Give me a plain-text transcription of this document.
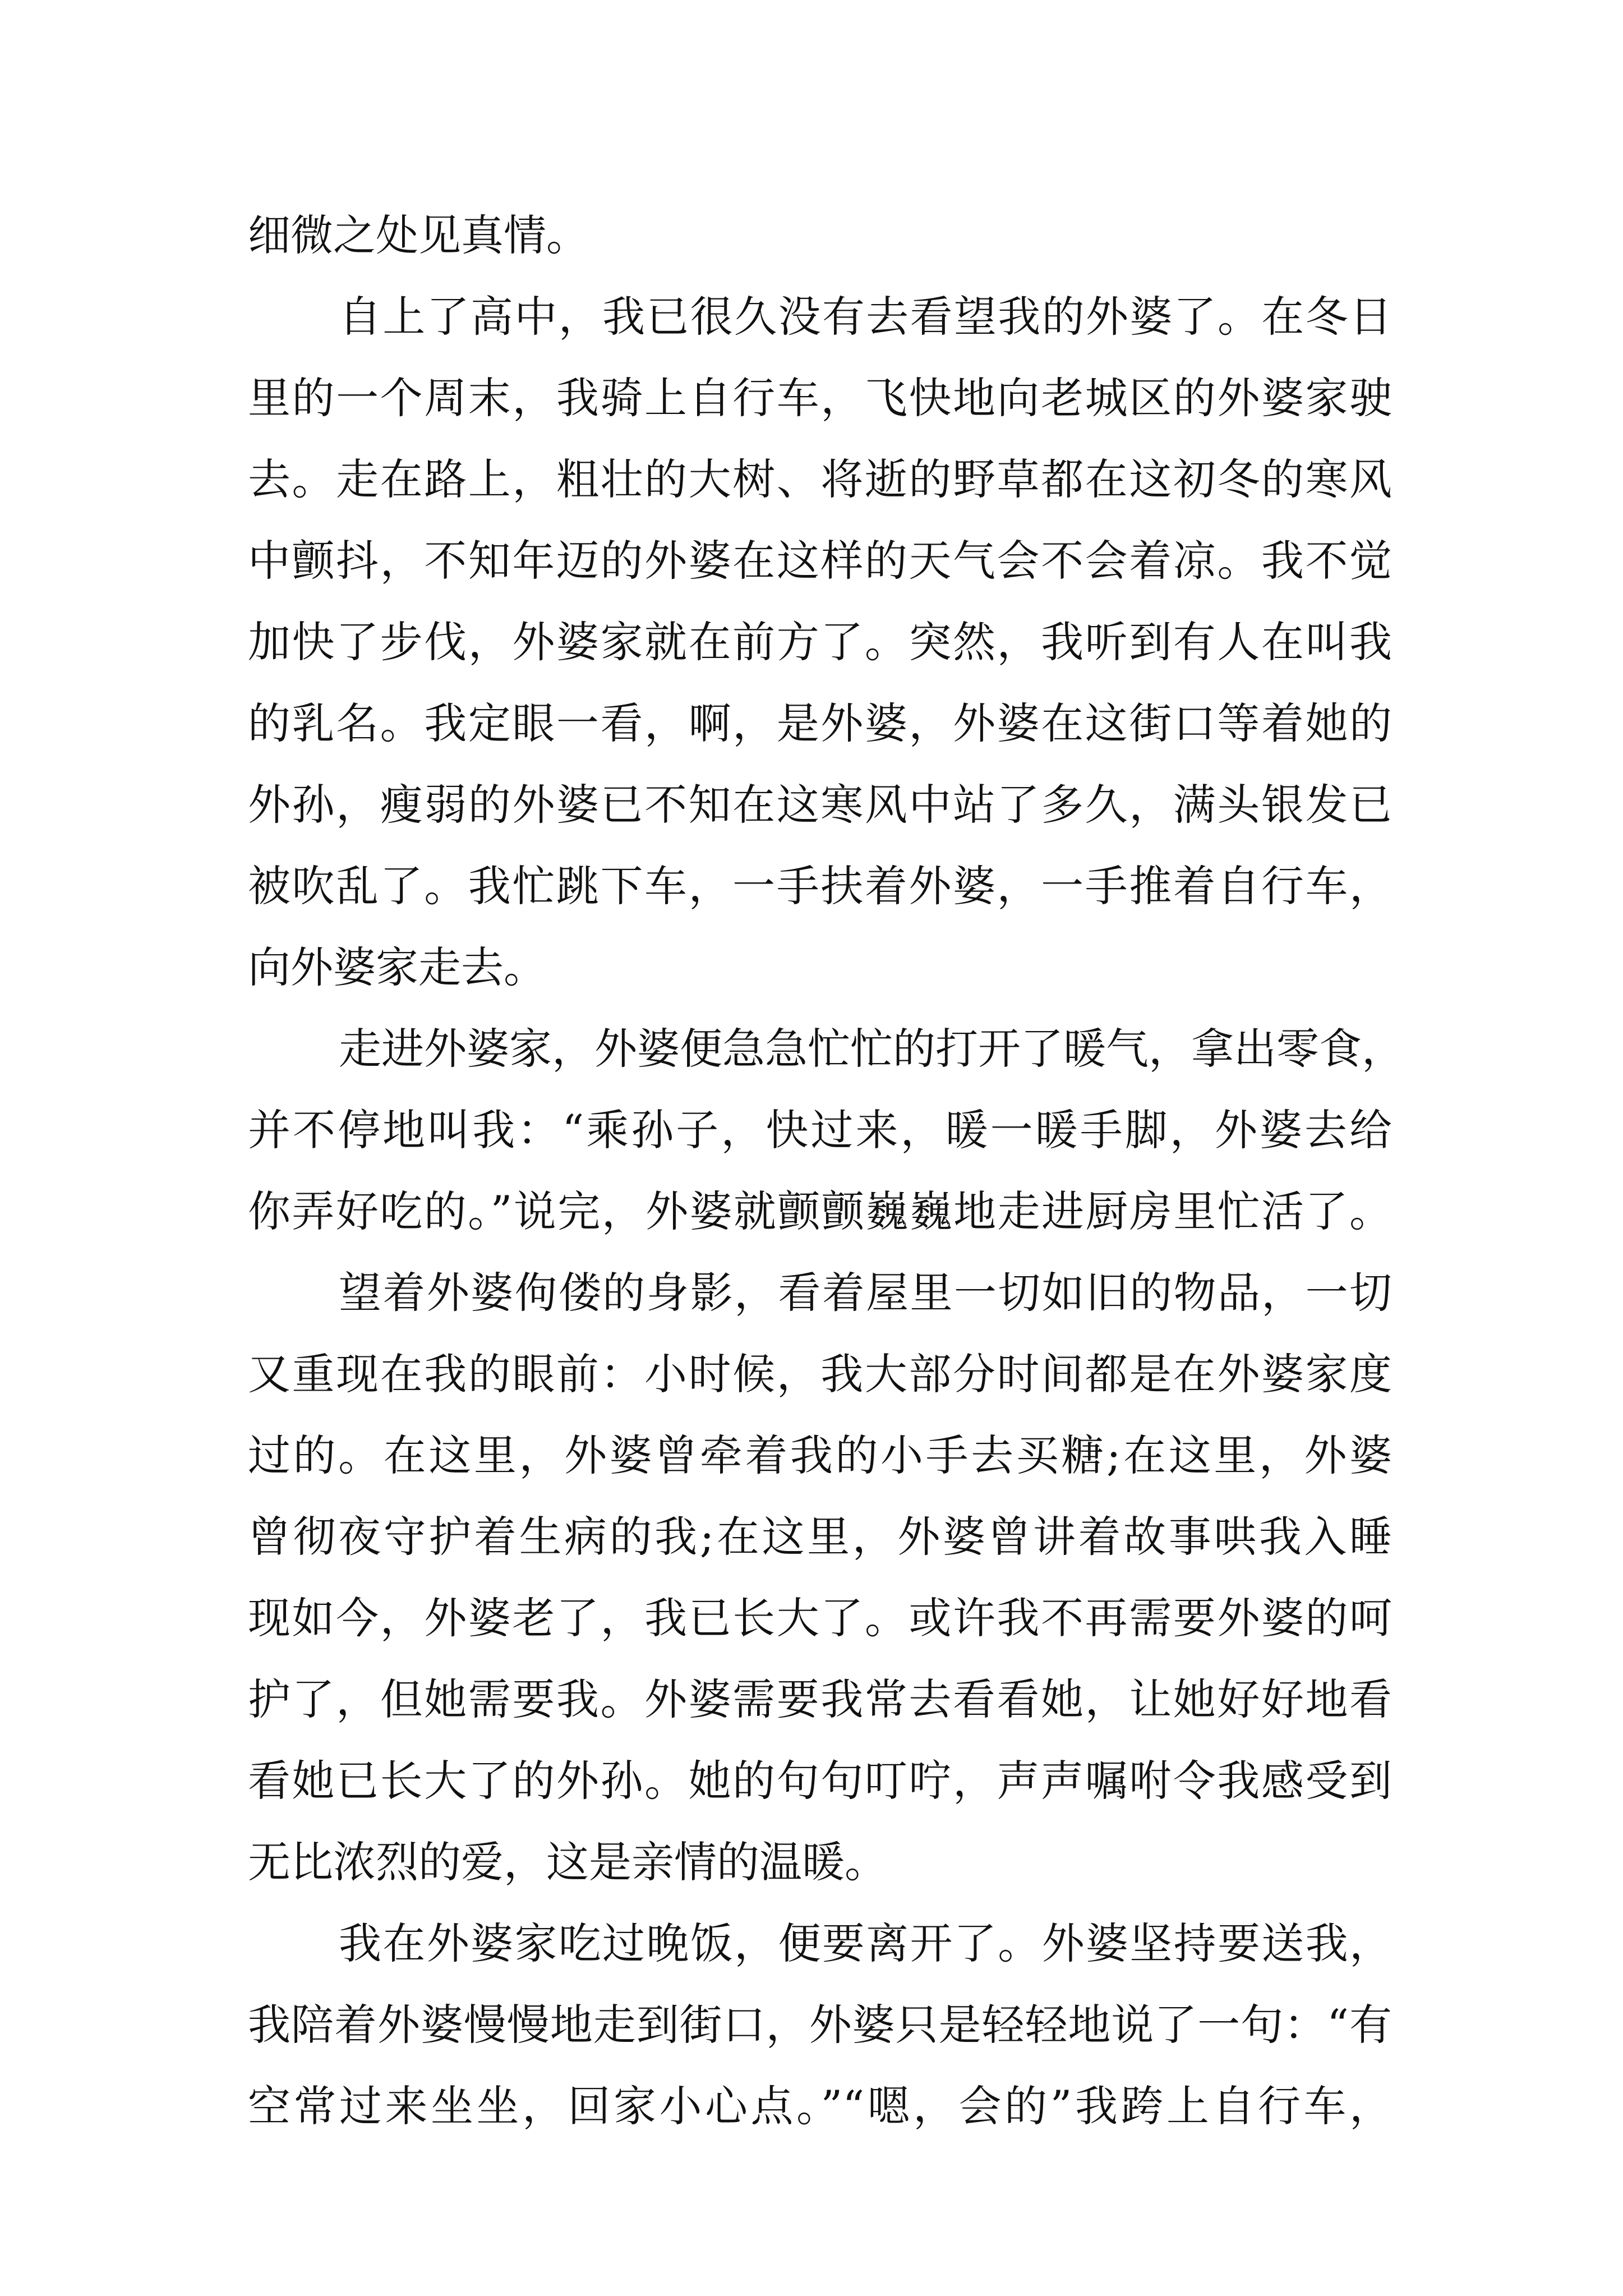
细微之处见真情。

自上了高中，我已很久没有去看望我的外婆了。在冬日

里的一个周末，我骑上自行车，飞快地向老城区的外婆家驶

去。走在路上，粗壮的大树、将逝的野草都在这初冬的寒风

中颤抖，不知年迈的外婆在这样的天气会不会着凉。我不觉

加快了步伐，外婆家就在前方了。突然，我听到有人在叫我

的乳名。我定眼一看，啊，是外婆，外婆在这街口等着她的

外孙，瘦弱的外婆已不知在这寒风中站了多久，满头银发已

被吹乱了。我忙跳下车，一手扶着外婆，一手推着自行车，

向外婆家走去。

走进外婆家，外婆便急急忙忙的打开了暖气，拿出零食，

并不停地叫我：“乘孙子，快过来，暖一暖手脚，外婆去给

你弄好吃的。”说完，外婆就颤颤巍巍地走进厨房里忙活了。

望着外婆佝偻的身影，看着屋里一切如旧的物品，一切

又重现在我的眼前：小时候，我大部分时间都是在外婆家度

过的。在这里，外婆曾牵着我的小手去买糖;在这里，外婆

曾彻夜守护着生病的我;在这里，外婆曾讲着故事哄我入睡

现如今，外婆老了，我已长大了。或许我不再需要外婆的呵

护了，但她需要我。外婆需要我常去看看她，让她好好地看

看她已长大了的外孙。她的句句叮咛，声声嘱咐令我感受到

无比浓烈的爱，这是亲情的温暖。

我在外婆家吃过晚饭，便要离开了。外婆坚持要送我，

我陪着外婆慢慢地走到街口，外婆只是轻轻地说了一句：“有

空常过来坐坐，回家小心点。”“嗯，会的”我跨上自行车，
